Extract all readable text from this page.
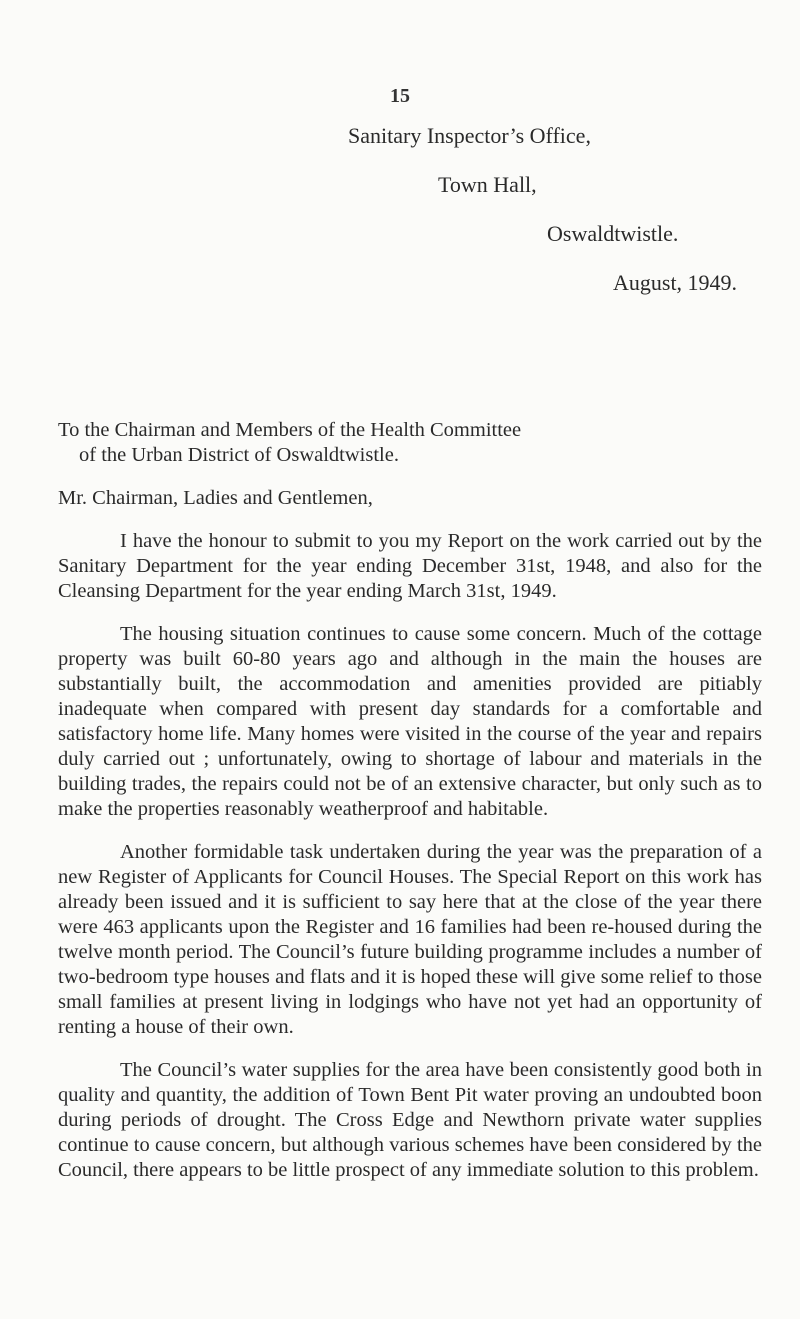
15
Sanitary Inspector’s Office,
Town Hall,
Oswaldtwistle.
August, 1949.

To the Chairman and Members of the Health Committee
of the Urban District of Oswaldtwistle.

Mr. Chairman, Ladies and Gentlemen,

I have the honour to submit to you my Report on the work carried out by the Sanitary Department for the year ending December 31st, 1948, and also for the Cleansing Department for the year ending March 31st, 1949.

The housing situation continues to cause some concern. Much of the cottage property was built 60-80 years ago and although in the main the houses are substantially built, the accommodation and amenities provided are pitiably inadequate when compared with present day standards for a comfortable and satisfactory home life. Many homes were visited in the course of the year and repairs duly carried out ; unfortunately, owing to shortage of labour and materials in the building trades, the repairs could not be of an extensive character, but only such as to make the properties reasonably weatherproof and habitable.

Another formidable task undertaken during the year was the preparation of a new Register of Applicants for Council Houses. The Special Report on this work has already been issued and it is sufficient to say here that at the close of the year there were 463 applicants upon the Register and 16 families had been re-housed during the twelve month period. The Council’s future building programme includes a number of two-bedroom type houses and flats and it is hoped these will give some relief to those small families at present living in lodgings who have not yet had an opportunity of renting a house of their own.

The Council’s water supplies for the area have been consistently good both in quality and quantity, the addition of Town Bent Pit water proving an undoubted boon during periods of drought. The Cross Edge and Newthorn private water supplies continue to cause concern, but although various schemes have been considered by the Council, there appears to be little prospect of any immediate solution to this problem.
